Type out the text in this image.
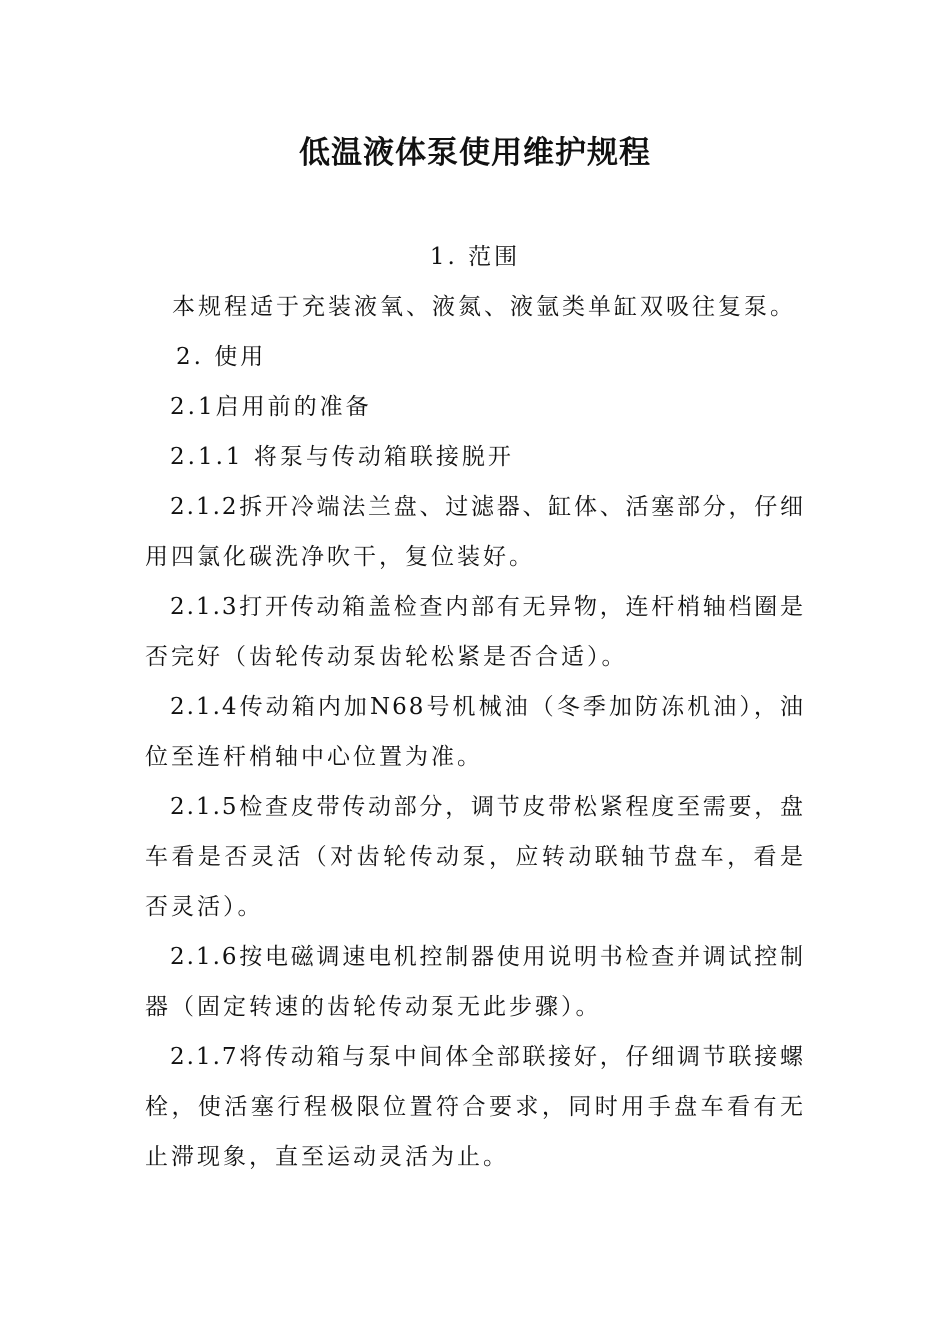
低温液体泵使用维护规程
1. 范围
本规程适于充装液氧、液氮、液氩类单缸双吸往复泵。
2. 使用
2.1启用前的准备
2.1.1 将泵与传动箱联接脱开
2.1.2拆开冷端法兰盘、过滤器、缸体、活塞部分，仔细
用四氯化碳洗净吹干，复位装好。
2.1.3打开传动箱盖检查内部有无异物，连杆梢轴档圈是
否完好（齿轮传动泵齿轮松紧是否合适）。
2.1.4传动箱内加N68号机械油（冬季加防冻机油），油
位至连杆梢轴中心位置为准。
2.1.5检查皮带传动部分，调节皮带松紧程度至需要，盘
车看是否灵活（对齿轮传动泵，应转动联轴节盘车，看是
否灵活）。
2.1.6按电磁调速电机控制器使用说明书检查并调试控制
器（固定转速的齿轮传动泵无此步骤）。
2.1.7将传动箱与泵中间体全部联接好，仔细调节联接螺
栓，使活塞行程极限位置符合要求，同时用手盘车看有无
止滞现象，直至运动灵活为止。
